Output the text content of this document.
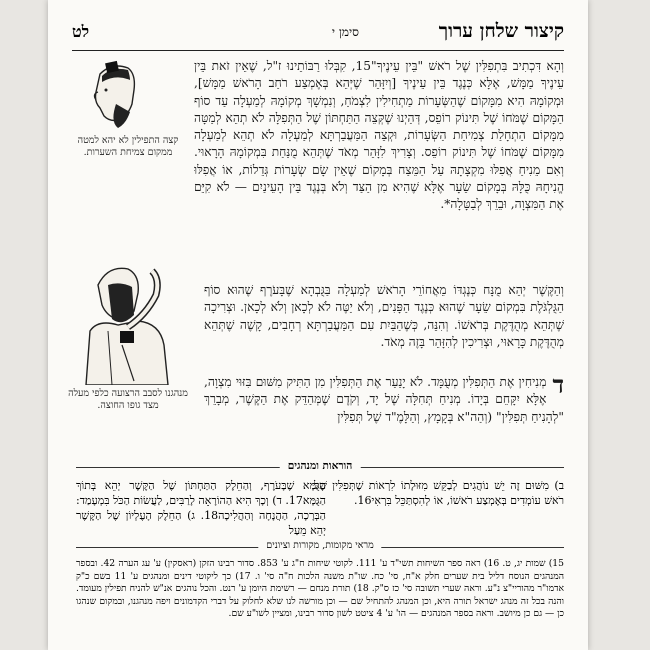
קיצור שלחן ערוך
סימן י
לט
קצה התפילין לא יהא למטה ממקום צמיחת השערות.
מנהגנו לסבב הרצועה כלפי מעלה מצד גופו החוצה.

וְהָא דִּכְתִיב בִּתְפִלִּין שֶׁל רֹאשׁ "בֵּין עֵינֶיךָ"15, קִבְּלוּ רַבּוֹתֵינוּ ז"ל, שֶׁאֵין זֹאת בֵּין עֵינֶיךָ מַמָּשׁ, אֶלָּא כְּנֶגֶד בֵּין עֵינֶיךָ [וְיִזָּהֵר שֶׁיְּהֵא בְּאֶמְצַע רֹחַב הָרֹאשׁ מַמָּשׁ], וּמְקוֹמָהּ הִיא מִמָּקוֹם שֶׁהַשְּׂעָרוֹת מַתְחִילִין לִצְמֹחַ, וְנִמְשָׁךְ מְקוֹמָהּ לְמַעְלָה עַד סוֹף הַמָּקוֹם שֶׁמֹּחוֹ שֶׁל תִּינוֹק רוֹפֵס, דְּהַיְנוּ שֶׁקְּצֵה הַתַּחְתּוֹן שֶׁל הַתְּפִלָּה לֹא תְהֵא לְמַטָּה מִמָּקוֹם הַתְחָלַת צְמִיחַת הַשְּׂעָרוֹת, וּקְצֵה הַמַּעֲבַרְתָּא לְמַעְלָה לֹא תְהֵא לְמַעְלָה מִמָּקוֹם שֶׁמֹּחוֹ שֶׁל תִּינוֹק רוֹפֵס. וְצָרִיךְ לִזָּהֵר מְאֹד שֶׁתְּהֵא מֻנַּחַת בִּמְקוֹמָהּ הָרָאוּי. וְאִם מֵנִיחַ אֲפִלּוּ מִקְצָתָהּ עַל הַמֵּצַח בְּמָקוֹם שֶׁאֵין שָׂם שְׂעָרוֹת גְּדֵלוֹת, אוֹ אֲפִלּוּ הֱנִיחָהּ כֻּלָּהּ בְּמָקוֹם שֵׂעָר אֶלָּא שֶׁהִיא מִן הַצַּד וְלֹא בְּנֶגֶד בֵּין הָעֵינַיִם — לֹא קִיֵּם אֶת הַמִּצְוָה, וּבֵרֵךְ לְבַטָּלָה*.

וְהַקֶּשֶׁר יְהֵא מֻנָּח כְּנֶגְדּוֹ מֵאֲחוֹרֵי הָרֹאשׁ לְמַעְלָה בַּגֻּבְהָא שֶׁבָּעֹרֶף שֶׁהוּא סוֹף הַגֻּלְגֹּלֶת בִּמְקוֹם שֵׂעָר שֶׁהוּא כְּנֶגֶד הַפָּנִים, וְלֹא יַטֶּה לֹא לְכָאן וְלֹא לְכָאן. וּצְרִיכָה שֶׁתְּהֵא מְהֻדֶּקֶת בְּרֹאשׁוֹ. וְהִנֵּה, כְּשֶׁהַבַּיִת עִם הַמַּעֲבַרְתָּא רְחָבִים, קָשֶׁה שֶׁתְּהֵא מְהֻדֶּקֶת כָּרָאוּי, וּצְרִיכִין לְהִזָּהֵר בָּזֶה מְאֹד.

ד

מְנִיחִין אֶת הַתְּפִלִּין מְעֻמָּד. לֹא יָנַעַר אֶת הַתְּפִלִּין מִן הַתִּיק מִשּׁוּם בִּזּוּי מִצְוָה, אֶלָּא יִקָּחֵם בְּיָדוֹ. מְנִיחַ תְּחִלָּה שֶׁל יָד, וְקֹדֶם שֶׁמְּהַדֵּק אֶת הַקֶּשֶׁר, מְבָרֵךְ "לְהָנִיחַ תְּפִלִּין" (וְהַה"א בְּקָמָץ, וְהַלָּמֶ"ד שֶׁל תְּפִלִּין

הוראות ומנהגים

ב) מִשּׁוּם זֶה יֵשׁ נוֹהֲגִים לְבַקֵּשׁ מִזּוּלָתוֹ לִרְאוֹת שֶׁתְּפִלִּין שֶׁל רֹאשׁ עוֹמְדִים בְּאֶמְצַע רֹאשׁוֹ, אוֹ לְהִסְתַּכֵּל בִּרְאִי16.

הַגֻּמָּא שֶׁבָּעֹרֶף, וְהַחֵלֶק הַתַּחְתּוֹן שֶׁל הַקֶּשֶׁר יְהֵא בְּתוֹךְ הַגֻּמָּא17. ד) וְכָךְ הִיא הַהוֹרָאָה לָרַבִּים, לַעֲשׂוֹת הַכֹּל בִּמְעָמַד: הַבְּרָכָה, הַהֲנָחָה וְהַהֲלִיכָה18. ג) הַחֵלֶק הָעֶלְיוֹן שֶׁל הַקֶּשֶׁר יְהֵא מֵעַל

מראי מקומות, מקורות וציונים

15) שמות יג, ט. 16) ראה ספר השיחות תשי"ד ע' 111. לקוטי שיחות ח"ג ע' 853. סדור רבינו הזקן (ראסקין) ע' עג הערה 42. ובספר המנהגים הנוסח דליל בית שערים חלק א"ח, סי' כח. שו"ת משנה הלכות ח"ה סי' ו. 17) כך ליקוטי דינים ומנהגים ע' 11 בשם כ"ק אדמו"ר מהוריי"צ נ"ע. וראה שערי תשובה סי' כז ס"ק. 18) תורת מנחם — רשימת היומן ע' רנט. והכל נוהגים אנ"ש להניח תפילין מעומד. והנה בכל זה מנהג ישראל תורה היא, וכן המנהג להתחיל שם — וכן מורשה לנו שלא לחלוק על דברי הקדמונים ויפה מנהגנו, ובמקום שנהגו כן — גם כן מיושב. וראה בספר המנהגים — הו' ע' 4 ציטט לשון סדור רבינו, ומציין לשו"ע שם.
